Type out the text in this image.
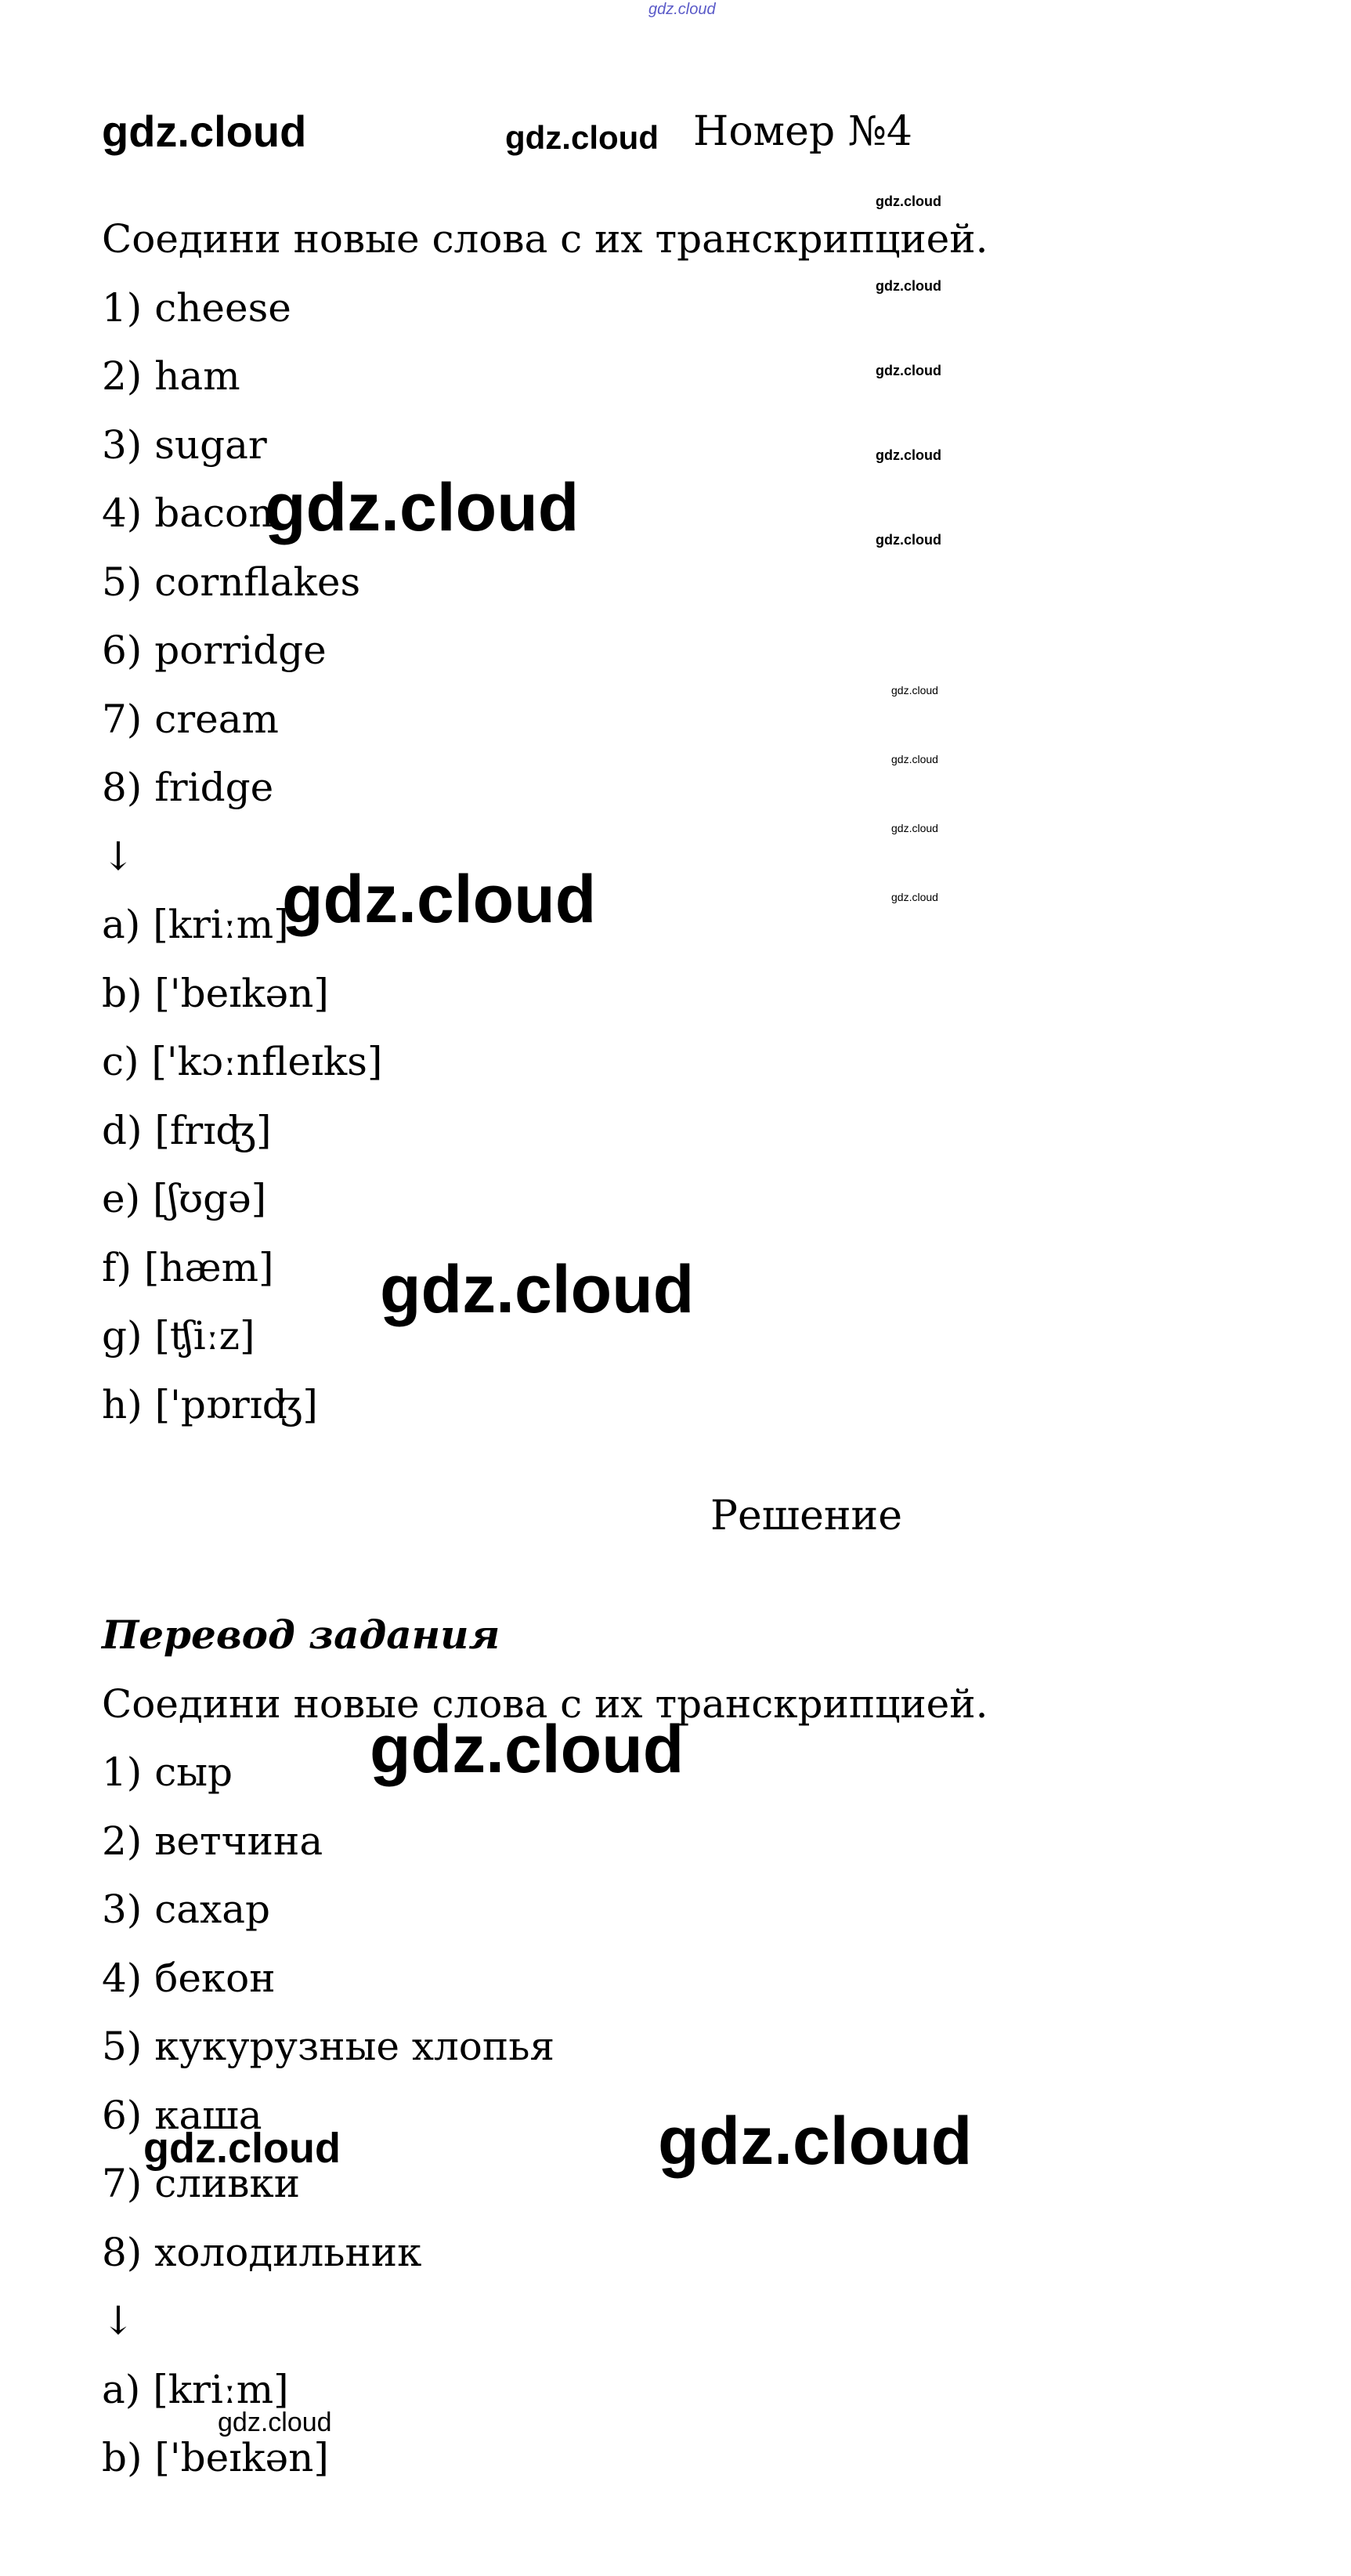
gdz.cloud
gdz.cloud	gdz.cloud Номер №4
Соедини новые слова с их транскрипцией.
1) cheese
2) ham
3) sugar
4) bacon
5) cornflakes
6) porridge
7) cream
8) fridge
↓
a) [kriːm]
b) ['beɪkən]
c) ['kɔːnfleɪks]
d) [frɪʤ]
e) [ʃʊgə]
f) [hæm]
g) [ʧiːz]
h) ['pɒrɪʤ]
gdz.cloud
gdz.cloud
gdz.cloud
gdz.cloud
gdz.cloud
gdz.cloud
gdz.cloud
gdz.cloud
gdz.cloud
gdz.cloud
gdz.cloud
gdz.cloud
Решение
Перевод задания
Соедини новые слова с их транскрипцией.
1) сыр
2) ветчина
3) сахар
4) бекон
5) кукурузные хлопья
6) каша
7) сливки
8) холодильник
↓
a) [kriːm]
b) ['beɪkən]
gdz.cloud
gdz.cloud
gdz.cloud
gdz.cloud
